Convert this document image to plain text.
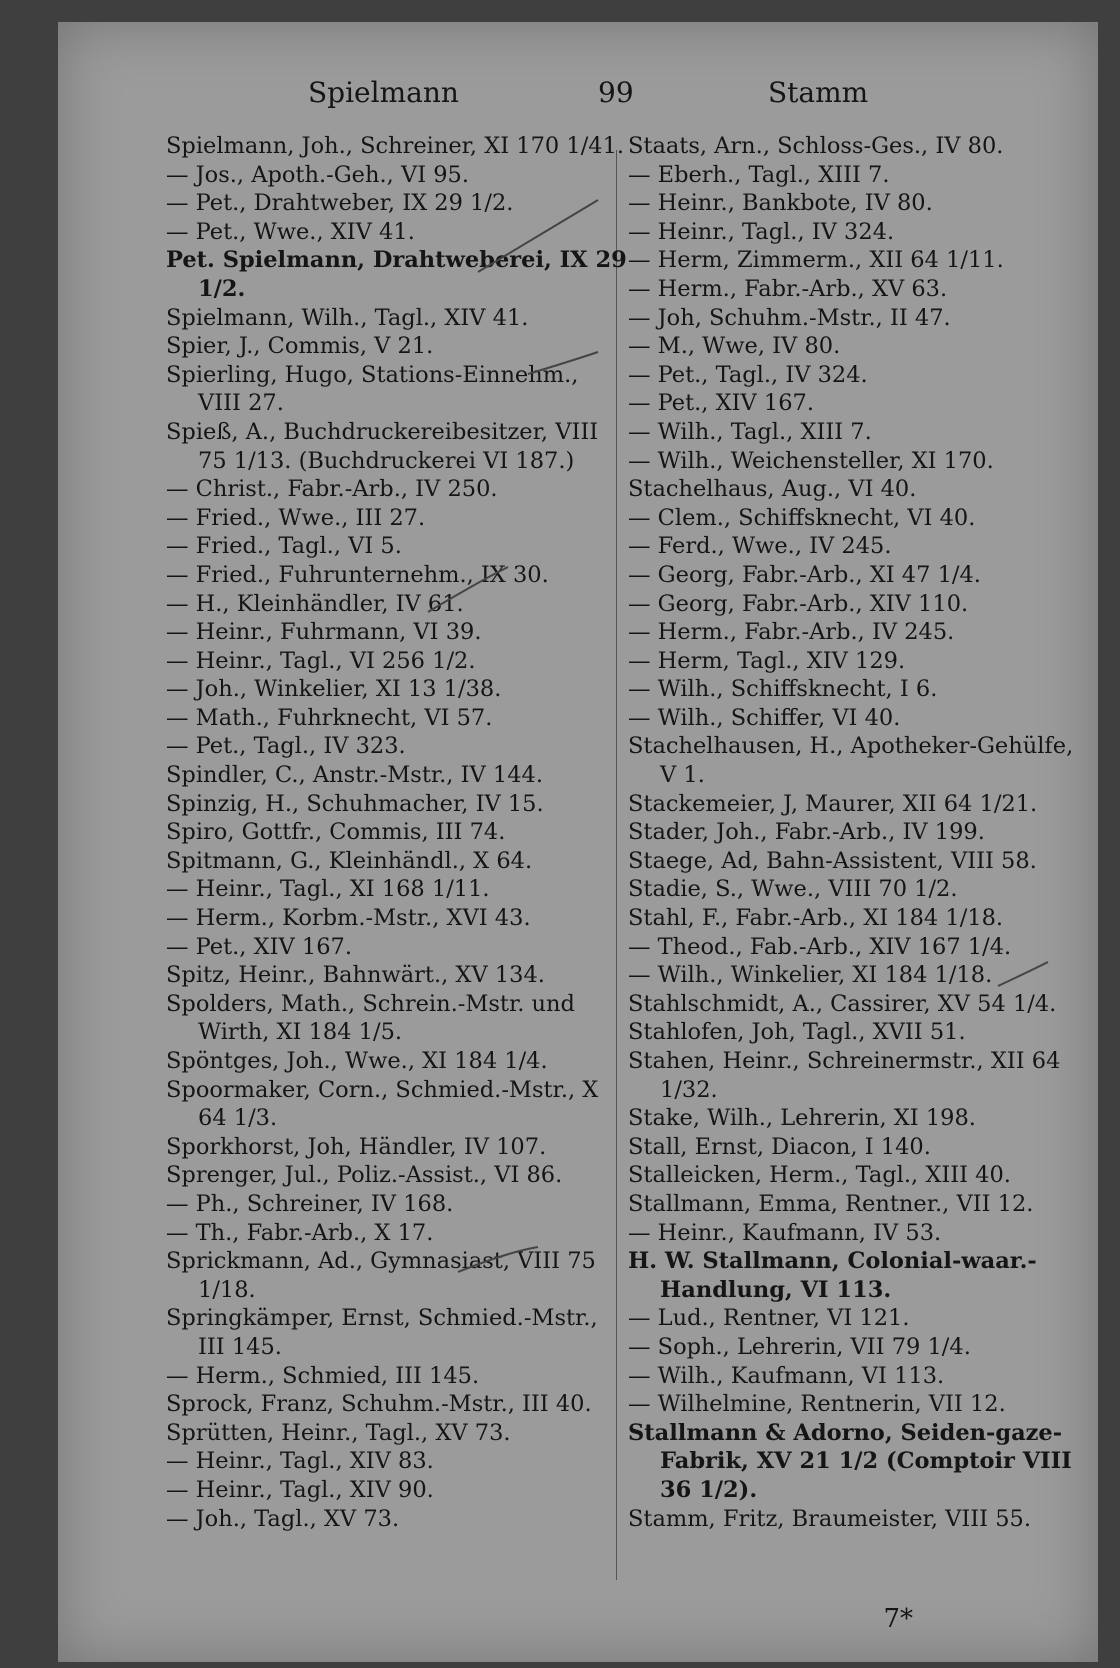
Spielmann	99	Stamm
Spielmann, Joh., Schreiner, XI 170 1/41.
— Jos., Apoth.-Geh., VI 95.
— Pet., Drahtweber, IX 29 1/2.
— Pet., Wwe., XIV 41.
Pet. Spielmann, Drahtweberei, IX 29 1/2.
Spielmann, Wilh., Tagl., XIV 41.
Spier, J., Commis, V 21.
Spierling, Hugo, Stations-Einnehm., VIII 27.
Spieß, A., Buchdruckereibesitzer, VIII 75 1/13. (Buchdruckerei VI 187.)
— Christ., Fabr.-Arb., IV 250.
— Fried., Wwe., III 27.
— Fried., Tagl., VI 5.
— Fried., Fuhrunternehm., IX 30.
— H., Kleinhändler, IV 61.
— Heinr., Fuhrmann, VI 39.
— Heinr., Tagl., VI 256 1/2.
— Joh., Winkelier, XI 13 1/38.
— Math., Fuhrknecht, VI 57.
— Pet., Tagl., IV 323.
Spindler, C., Anstr.-Mstr., IV 144.
Spinzig, H., Schuhmacher, IV 15.
Spiro, Gottfr., Commis, III 74.
Spitmann, G., Kleinhändl., X 64.
— Heinr., Tagl., XI 168 1/11.
— Herm., Korbm.-Mstr., XVI 43.
— Pet., XIV 167.
Spitz, Heinr., Bahnwärt., XV 134.
Spolders, Math., Schrein.-Mstr. und Wirth, XI 184 1/5.
Spöntges, Joh., Wwe., XI 184 1/4.
Spoormaker, Corn., Schmied.-Mstr., X 64 1/3.
Sporkhorst, Joh, Händler, IV 107.
Sprenger, Jul., Poliz.-Assist., VI 86.
— Ph., Schreiner, IV 168.
— Th., Fabr.-Arb., X 17.
Sprickmann, Ad., Gymnasiast, VIII 75 1/18.
Springkämper, Ernst, Schmied.-Mstr., III 145.
— Herm., Schmied, III 145.
Sprock, Franz, Schuhm.-Mstr., III 40.
Sprütten, Heinr., Tagl., XV 73.
— Heinr., Tagl., XIV 83.
— Heinr., Tagl., XIV 90.
— Joh., Tagl., XV 73.
Staats, Arn., Schloss-Ges., IV 80.
— Eberh., Tagl., XIII 7.
— Heinr., Bankbote, IV 80.
— Heinr., Tagl., IV 324.
— Herm, Zimmerm., XII 64 1/11.
— Herm., Fabr.-Arb., XV 63.
— Joh, Schuhm.-Mstr., II 47.
— M., Wwe, IV 80.
— Pet., Tagl., IV 324.
— Pet., XIV 167.
— Wilh., Tagl., XIII 7.
— Wilh., Weichensteller, XI 170.
Stachelhaus, Aug., VI 40.
— Clem., Schiffsknecht, VI 40.
— Ferd., Wwe., IV 245.
— Georg, Fabr.-Arb., XI 47 1/4.
— Georg, Fabr.-Arb., XIV 110.
— Herm., Fabr.-Arb., IV 245.
— Herm, Tagl., XIV 129.
— Wilh., Schiffsknecht, I 6.
— Wilh., Schiffer, VI 40.
Stachelhausen, H., Apotheker-Gehülfe, V 1.
Stackemeier, J, Maurer, XII 64 1/21.
Stader, Joh., Fabr.-Arb., IV 199.
Staege, Ad, Bahn-Assistent, VIII 58.
Stadie, S., Wwe., VIII 70 1/2.
Stahl, F., Fabr.-Arb., XI 184 1/18.
— Theod., Fab.-Arb., XIV 167 1/4.
— Wilh., Winkelier, XI 184 1/18.
Stahlschmidt, A., Cassirer, XV 54 1/4.
Stahlofen, Joh, Tagl., XVII 51.
Stahen, Heinr., Schreinermstr., XII 64 1/32.
Stake, Wilh., Lehrerin, XI 198.
Stall, Ernst, Diacon, I 140.
Stalleicken, Herm., Tagl., XIII 40.
Stallmann, Emma, Rentner., VII 12.
— Heinr., Kaufmann, IV 53.
H. W. Stallmann, Colonial-waar.-Handlung, VI 113.
— Lud., Rentner, VI 121.
— Soph., Lehrerin, VII 79 1/4.
— Wilh., Kaufmann, VI 113.
— Wilhelmine, Rentnerin, VII 12.
Stallmann & Adorno, Seiden-gaze-Fabrik, XV 21 1/2 (Comptoir VIII 36 1/2).
Stamm, Fritz, Braumeister, VIII 55.
7*
